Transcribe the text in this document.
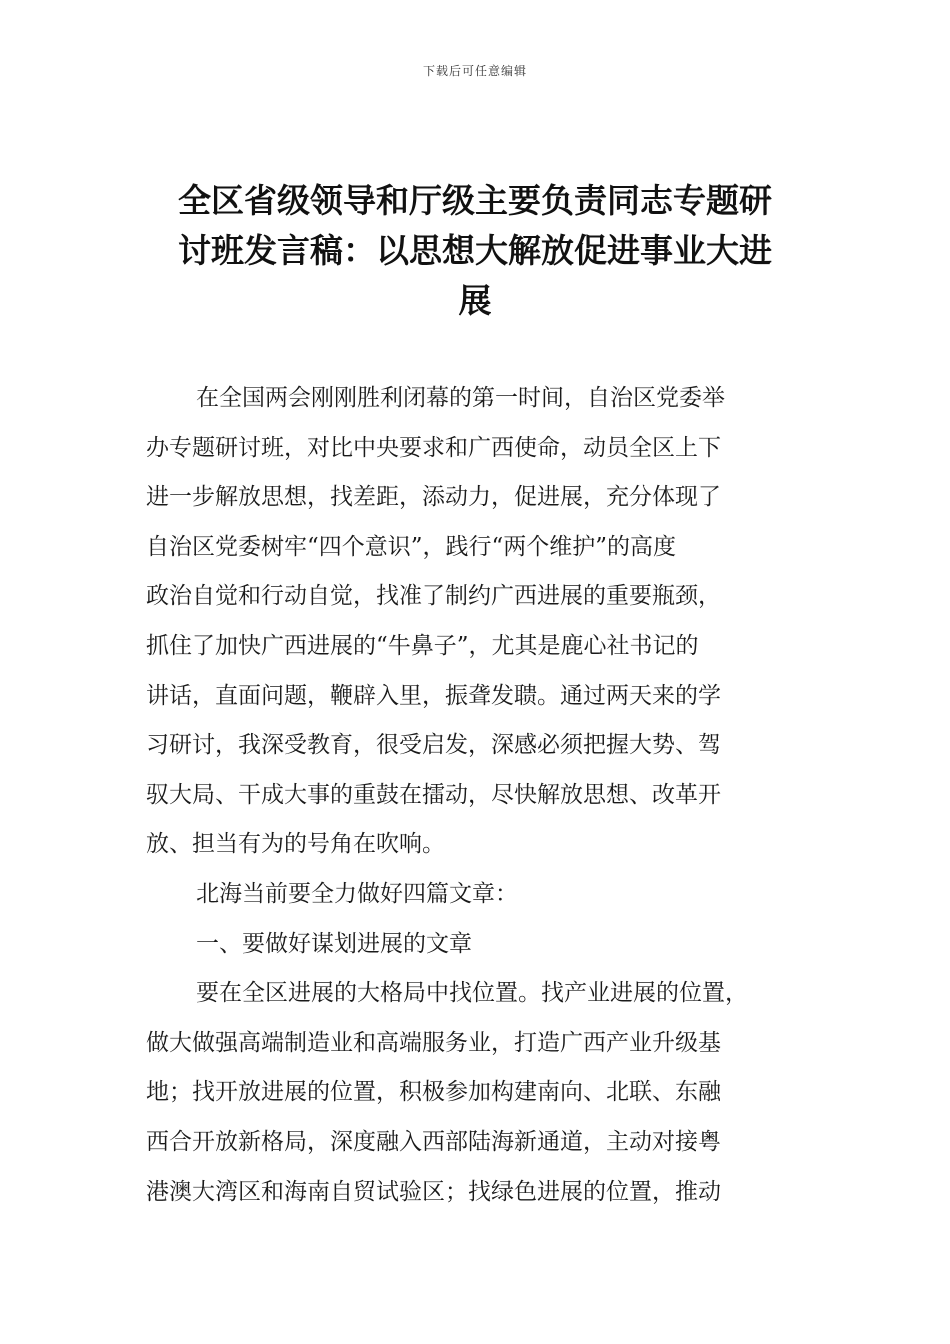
下载后可任意编辑
全区省级领导和厅级主要负责同志专题研
讨班发言稿：以思想大解放促进事业大进
展
在全国两会刚刚胜利闭幕的第一时间，自治区党委举
办专题研讨班，对比中央要求和广西使命，动员全区上下
进一步解放思想，找差距，添动力，促进展，充分体现了
自治区党委树牢“四个意识”，践行“两个维护”的高度
政治自觉和行动自觉，找准了制约广西进展的重要瓶颈，
抓住了加快广西进展的“牛鼻子”，尤其是鹿心社书记的
讲话，直面问题，鞭辟入里，振聋发聩。通过两天来的学
习研讨，我深受教育，很受启发，深感必须把握大势、驾
驭大局、干成大事的重鼓在擂动，尽快解放思想、改革开
放、担当有为的号角在吹响。
北海当前要全力做好四篇文章：
一、要做好谋划进展的文章
要在全区进展的大格局中找位置。找产业进展的位置，
做大做强高端制造业和高端服务业，打造广西产业升级基
地；找开放进展的位置，积极参加构建南向、北联、东融
西合开放新格局，深度融入西部陆海新通道，主动对接粤
港澳大湾区和海南自贸试验区；找绿色进展的位置，推动
